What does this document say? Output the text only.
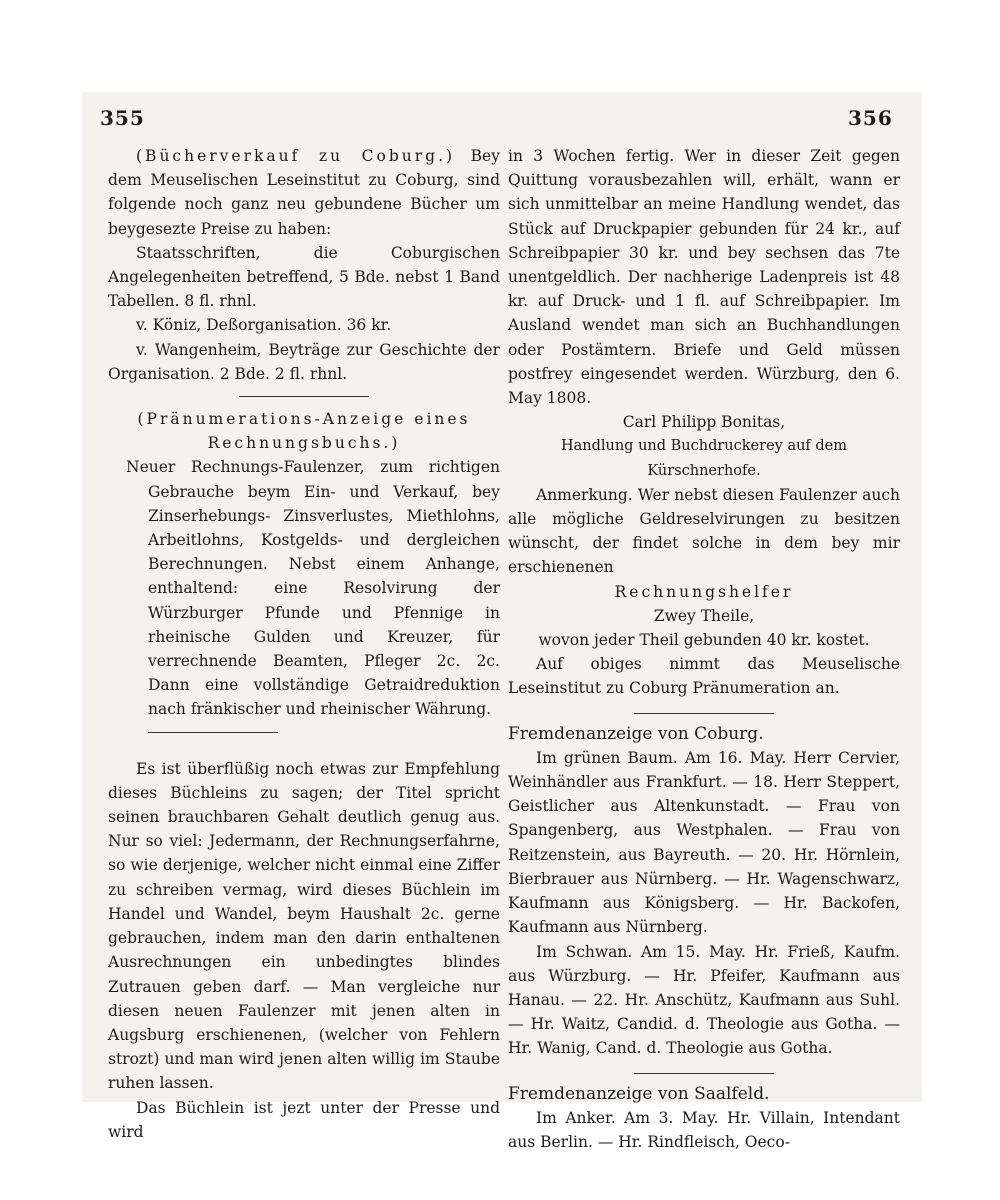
355	356

(Bücherverkauf zu Coburg.) Bey dem Meuselischen Leseinstitut zu Coburg, sind folgende noch ganz neu gebundene Bücher um beygesezte Preise zu haben:

Staatsschriften, die Coburgischen Angelegenheiten betreffend, 5 Bde. nebst 1 Band Tabellen. 8 fl. rhnl.

v. Köniz, Deßorganisation. 36 kr.

v. Wangenheim, Beyträge zur Geschichte der Organisation. 2 Bde. 2 fl. rhnl.

(Pränumerations-Anzeige eines

Rechnungsbuchs.)

Neuer Rechnungs-Faulenzer, zum richtigen Gebrauche beym Ein- und Verkauf, bey Zinserhebungs- Zinsverlustes, Miethlohns, Arbeitlohns, Kostgelds- und dergleichen Berechnungen. Nebst einem Anhange, enthaltend: eine Resolvirung der Würzburger Pfunde und Pfennige in rheinische Gulden und Kreuzer, für verrechnende Beamten, Pfleger 2c. 2c. Dann eine vollständige Getraidreduktion nach fränkischer und rheinischer Währung.

Es ist überflüßig noch etwas zur Empfehlung dieses Büchleins zu sagen; der Titel spricht seinen brauchbaren Gehalt deutlich genug aus. Nur so viel: Jedermann, der Rechnungserfahrne, so wie derjenige, welcher nicht einmal eine Ziffer zu schreiben vermag, wird dieses Büchlein im Handel und Wandel, beym Haushalt 2c. gerne gebrauchen, indem man den darin enthaltenen Ausrechnungen ein unbedingtes blindes Zutrauen geben darf. — Man vergleiche nur diesen neuen Faulenzer mit jenen alten in Augsburg erschienenen, (welcher von Fehlern strozt) und man wird jenen alten willig im Staube ruhen lassen.

Das Büchlein ist jezt unter der Presse und wird

in 3 Wochen fertig. Wer in dieser Zeit gegen Quittung vorausbezahlen will, erhält, wann er sich unmittelbar an meine Handlung wendet, das Stück auf Druckpapier gebunden für 24 kr., auf Schreibpapier 30 kr. und bey sechsen das 7te unentgeldlich. Der nachherige Ladenpreis ist 48 kr. auf Druck- und 1 fl. auf Schreibpapier. Im Ausland wendet man sich an Buchhandlungen oder Postämtern. Briefe und Geld müssen postfrey eingesendet werden. Würzburg, den 6. May 1808.

Carl Philipp Bonitas,

Handlung und Buchdruckerey auf dem Kürschnerhofe.

Anmerkung. Wer nebst diesen Faulenzer auch alle mögliche Geldreselvirungen zu besitzen wünscht, der findet solche in dem bey mir erschienenen

Rechnungshelfer

Zwey Theile,

wovon jeder Theil gebunden 40 kr. kostet.

Auf obiges nimmt das Meuselische Leseinstitut zu Coburg Pränumeration an.

Fremdenanzeige von Coburg.

Im grünen Baum. Am 16. May. Herr Cervier, Weinhändler aus Frankfurt. — 18. Herr Steppert, Geistlicher aus Altenkunstadt. — Frau von Spangenberg, aus Westphalen. — Frau von Reitzenstein, aus Bayreuth. — 20. Hr. Hörnlein, Bierbrauer aus Nürnberg. — Hr. Wagenschwarz, Kaufmann aus Königsberg. — Hr. Backofen, Kaufmann aus Nürnberg.

Im Schwan. Am 15. May. Hr. Frieß, Kaufm. aus Würzburg. — Hr. Pfeifer, Kaufmann aus Hanau. — 22. Hr. Anschütz, Kaufmann aus Suhl. — Hr. Waitz, Candid. d. Theologie aus Gotha. — Hr. Wanig, Cand. d. Theologie aus Gotha.

Fremdenanzeige von Saalfeld.

Im Anker. Am 3. May. Hr. Villain, Intendant aus Berlin. — Hr. Rindfleisch, Oeco-
